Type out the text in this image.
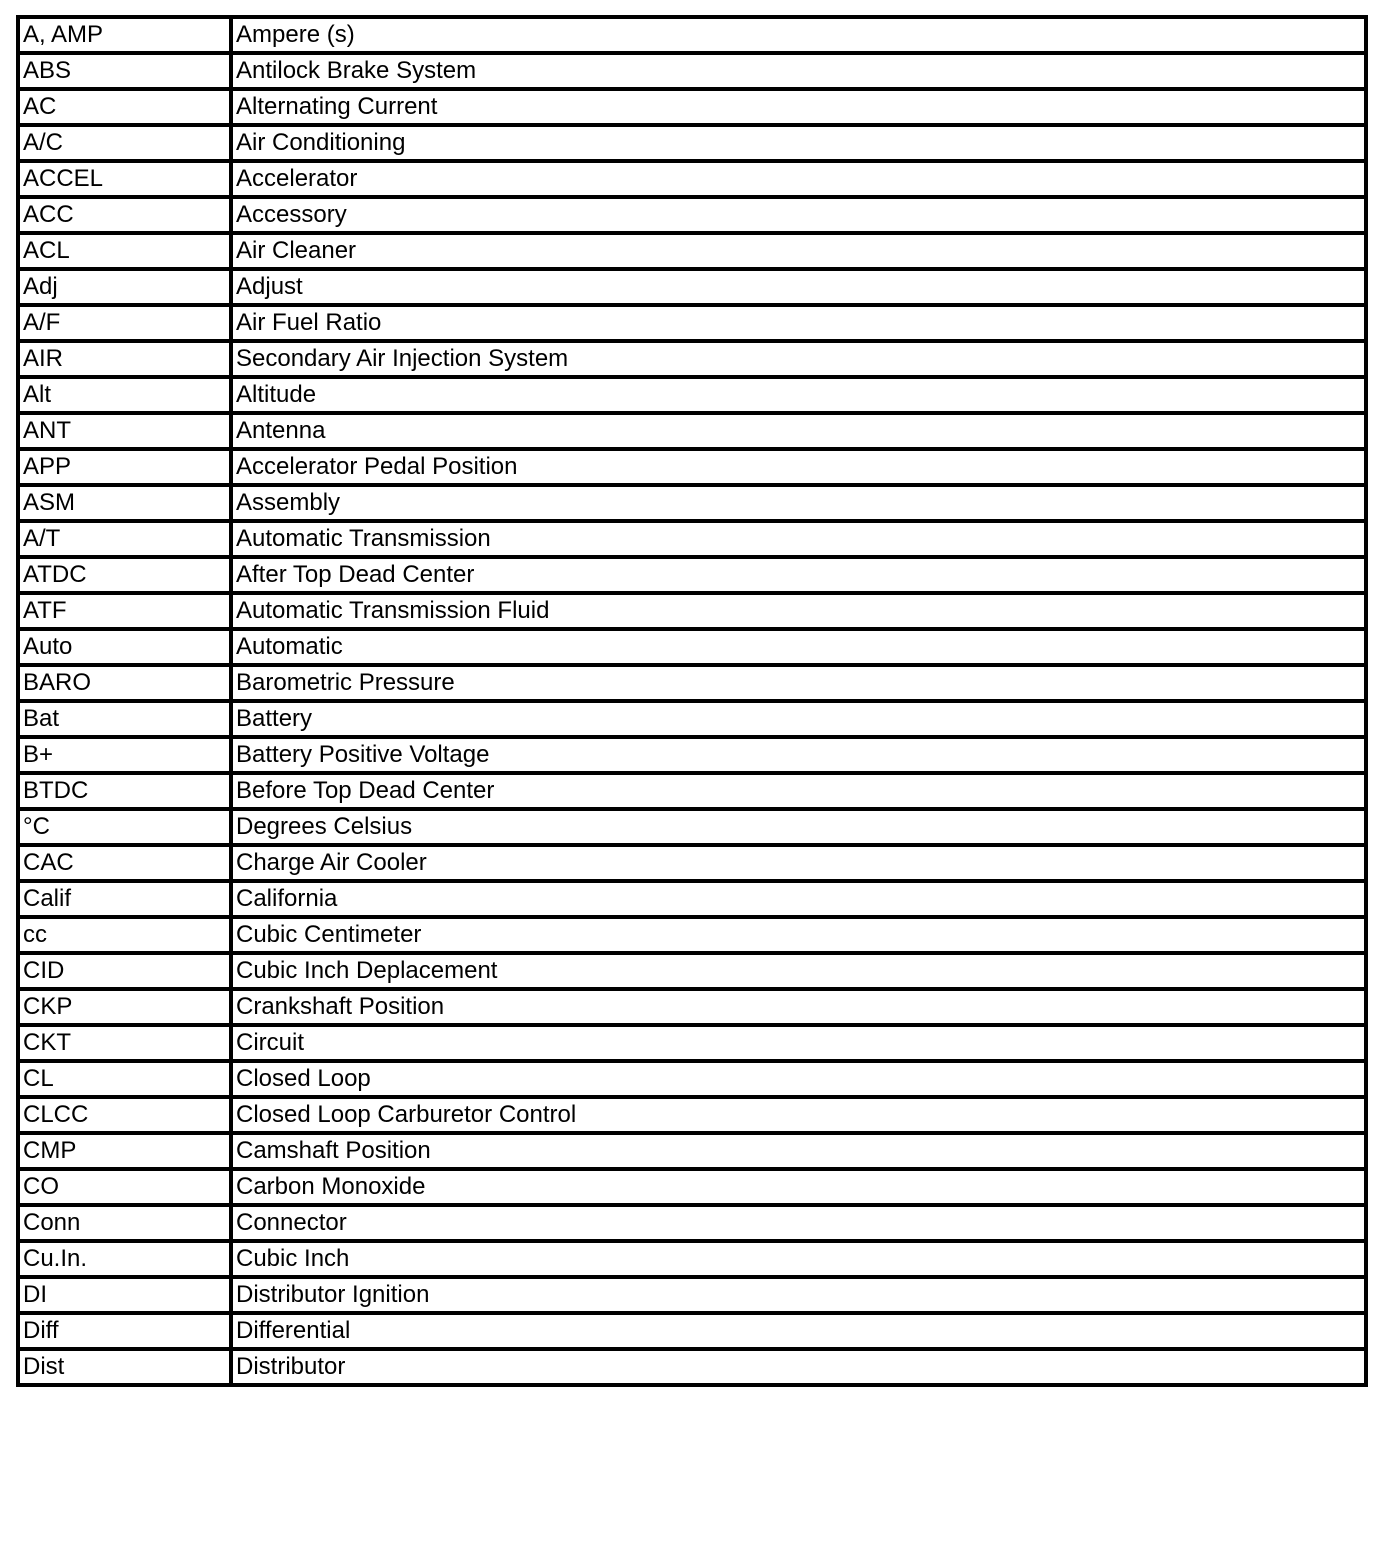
A, AMP	Ampere (s)
ABS	Antilock Brake System
AC	Alternating Current
A/C	Air Conditioning
ACCEL	Accelerator
ACC	Accessory
ACL	Air Cleaner
Adj	Adjust
A/F	Air Fuel Ratio
AIR	Secondary Air Injection System
Alt	Altitude
ANT	Antenna
APP	Accelerator Pedal Position
ASM	Assembly
A/T	Automatic Transmission
ATDC	After Top Dead Center
ATF	Automatic Transmission Fluid
Auto	Automatic
BARO	Barometric Pressure
Bat	Battery
B+	Battery Positive Voltage
BTDC	Before Top Dead Center
°C	Degrees Celsius
CAC	Charge Air Cooler
Calif	California
cc	Cubic Centimeter
CID	Cubic Inch Deplacement
CKP	Crankshaft Position
CKT	Circuit
CL	Closed Loop
CLCC	Closed Loop Carburetor Control
CMP	Camshaft Position
CO	Carbon Monoxide
Conn	Connector
Cu.In.	Cubic Inch
DI	Distributor Ignition
Diff	Differential
Dist	Distributor
